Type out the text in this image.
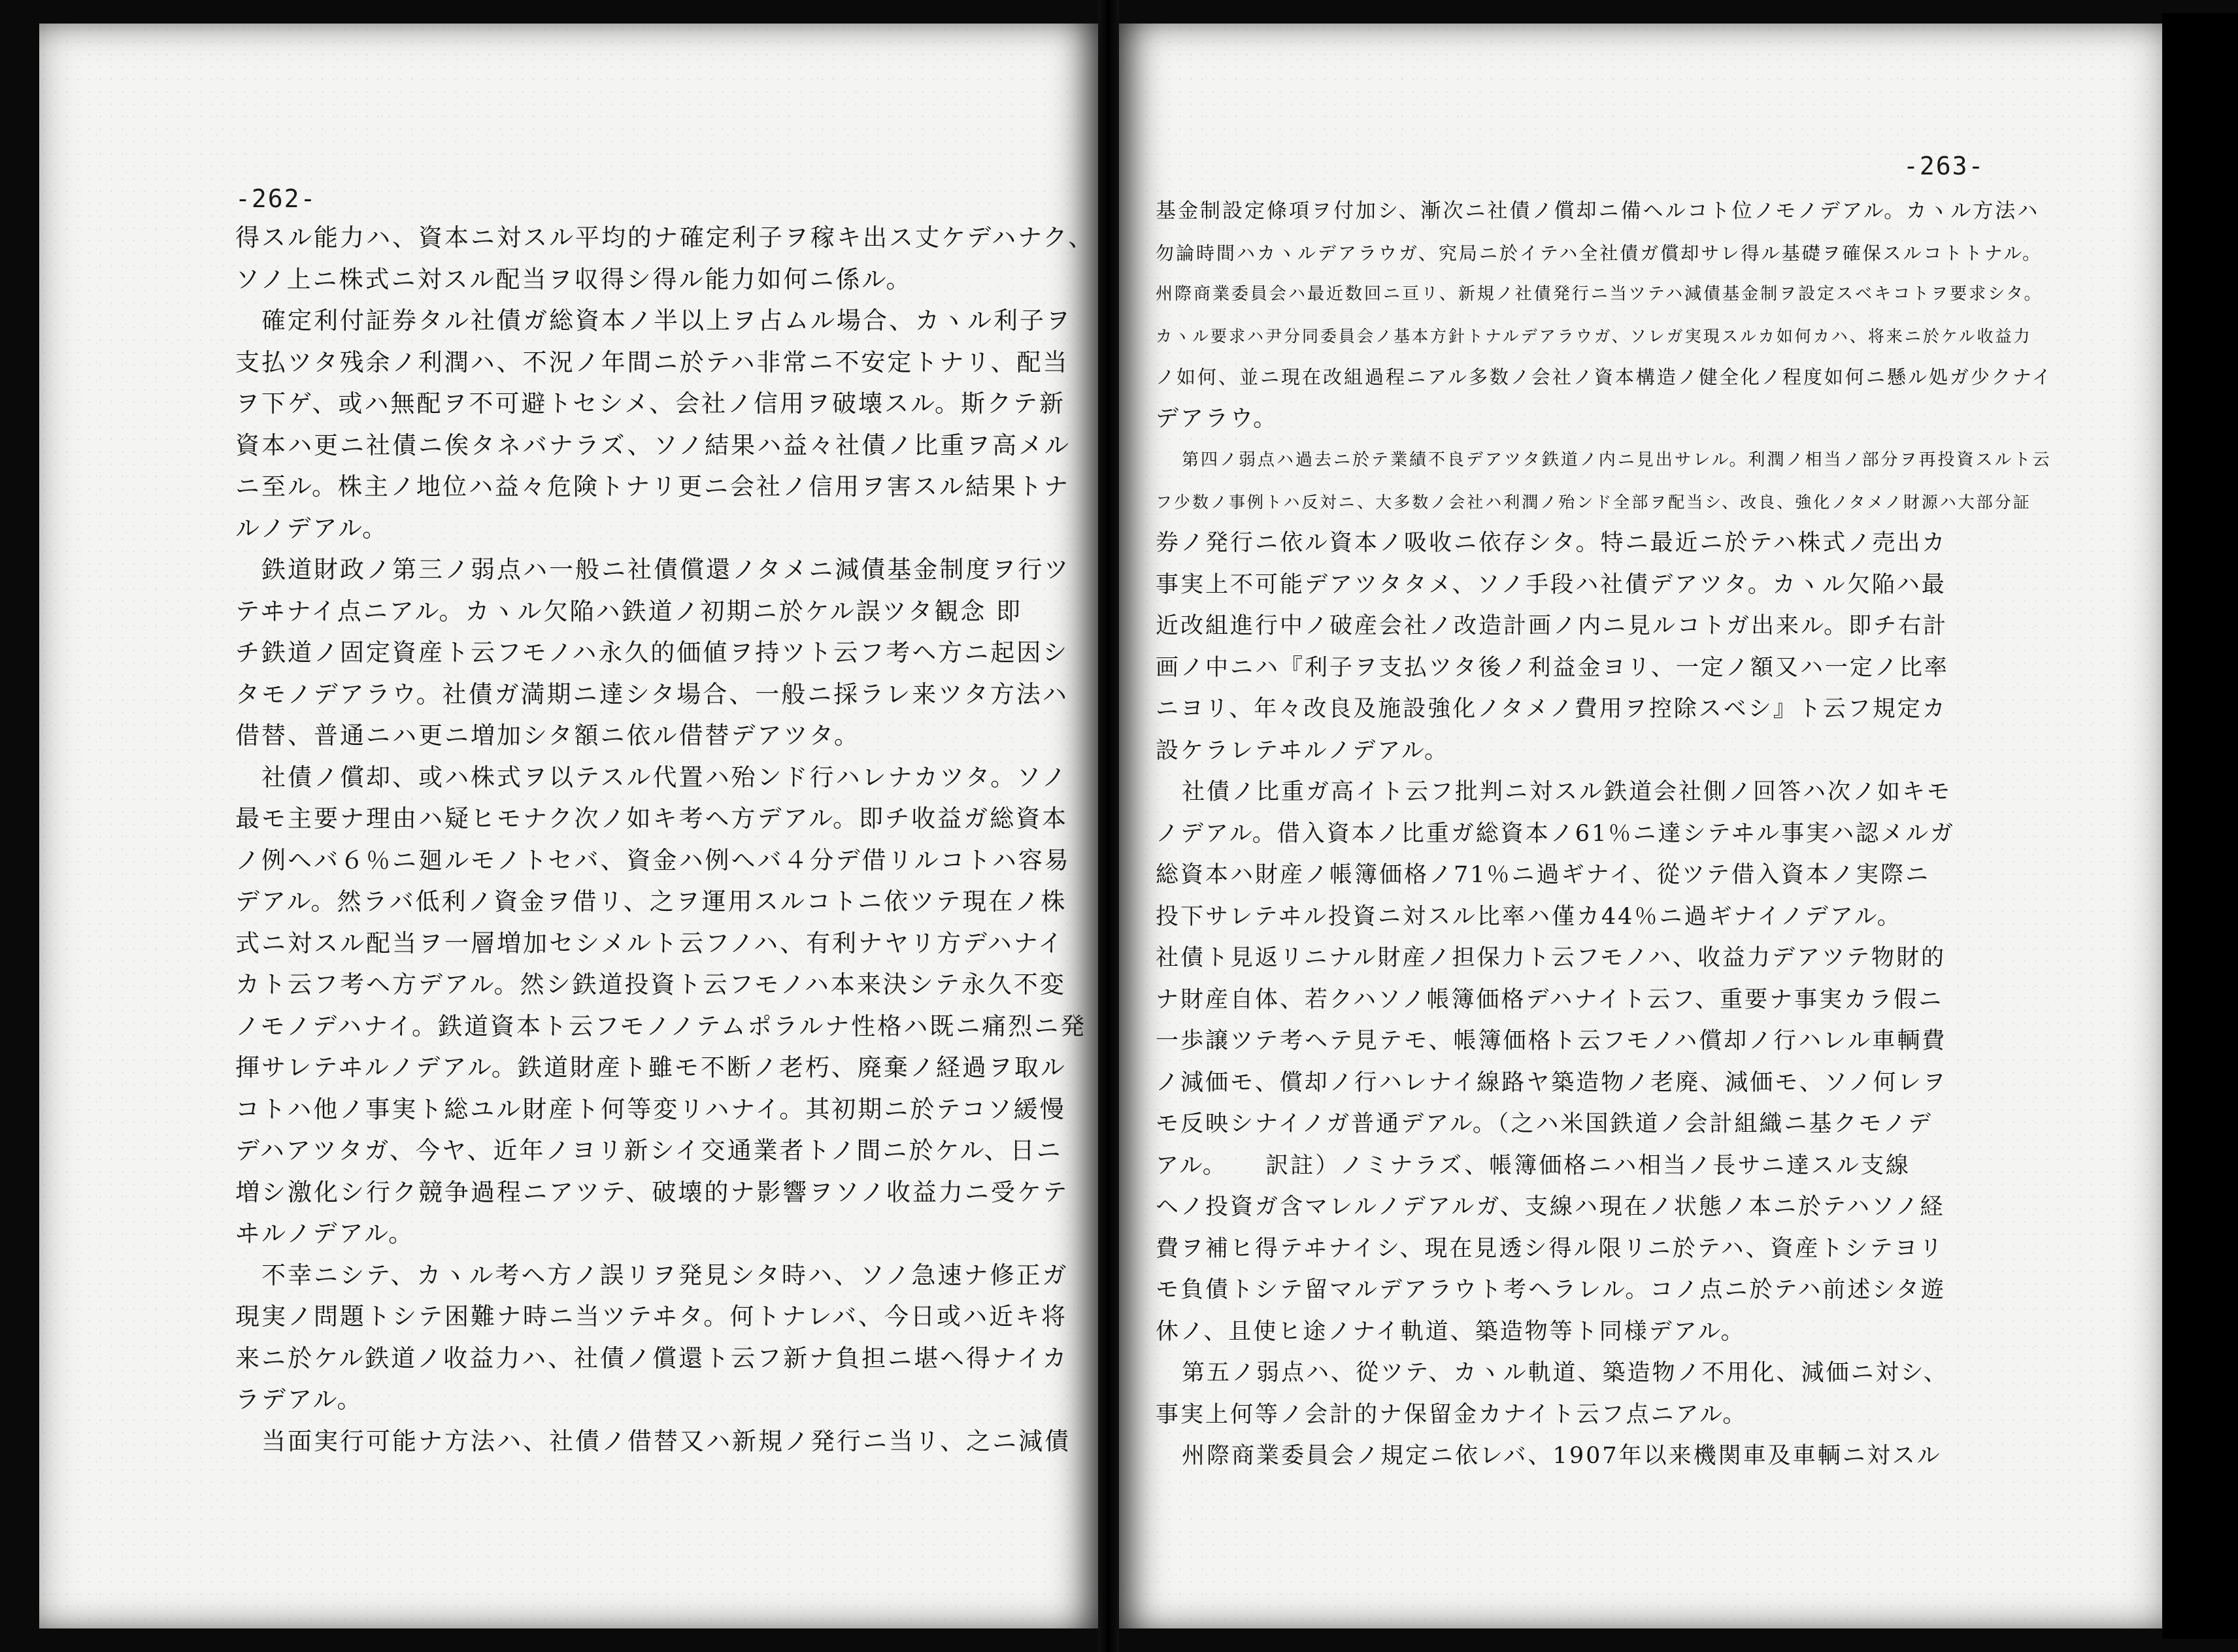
-262-
得スル能力ハ、資本ニ対スル平均的ナ確定利子ヲ稼キ出ス丈ケデハナク、
ソノ上ニ株式ニ対スル配当ヲ収得シ得ル能力如何ニ係ル。
確定利付証券タル社債ガ総資本ノ半以上ヲ占ムル場合、カヽル利子ヲ
支払ツタ残余ノ利潤ハ、不況ノ年間ニ於テハ非常ニ不安定トナリ、配当
ヲ下ゲ、或ハ無配ヲ不可避トセシメ、会社ノ信用ヲ破壊スル。斯クテ新
資本ハ更ニ社債ニ俟タネバナラズ、ソノ結果ハ益々社債ノ比重ヲ高メル
ニ至ル。株主ノ地位ハ益々危険トナリ更ニ会社ノ信用ヲ害スル結果トナ
ルノデアル。
鉄道財政ノ第三ノ弱点ハ一般ニ社債償還ノタメニ減債基金制度ヲ行ツ
テヰナイ点ニアル。カヽル欠陥ハ鉄道ノ初期ニ於ケル誤ツタ観念 即
チ鉄道ノ固定資産ト云フモノハ永久的価値ヲ持ツト云フ考ヘ方ニ起因シ
タモノデアラウ。社債ガ満期ニ達シタ場合、一般ニ採ラレ来ツタ方法ハ
借替、普通ニハ更ニ増加シタ額ニ依ル借替デアツタ。
社債ノ償却、或ハ株式ヲ以テスル代置ハ殆ンド行ハレナカツタ。ソノ
最モ主要ナ理由ハ疑ヒモナク次ノ如キ考ヘ方デアル。即チ收益ガ総資本
ノ例ヘバ６％ニ廻ルモノトセバ、資金ハ例ヘバ４分デ借リルコトハ容易
デアル。然ラバ低利ノ資金ヲ借リ、之ヲ運用スルコトニ依ツテ現在ノ株
式ニ対スル配当ヲ一層増加セシメルト云フノハ、有利ナヤリ方デハナイ
カト云フ考ヘ方デアル。然シ鉄道投資ト云フモノハ本来決シテ永久不変
ノモノデハナイ。鉄道資本ト云フモノノテムポラルナ性格ハ既ニ痛烈ニ発
揮サレテヰルノデアル。鉄道財産ト雖モ不断ノ老朽、廃棄ノ経過ヲ取ル
コトハ他ノ事実ト総ユル財産ト何等変リハナイ。其初期ニ於テコソ緩慢
デハアツタガ、今ヤ、近年ノヨリ新シイ交通業者トノ間ニ於ケル、日ニ
増シ激化シ行ク競争過程ニアツテ、破壊的ナ影響ヲソノ收益力ニ受ケテ
ヰルノデアル。
不幸ニシテ、カヽル考ヘ方ノ誤リヲ発見シタ時ハ、ソノ急速ナ修正ガ
現実ノ問題トシテ困難ナ時ニ当ツテヰタ。何トナレバ、今日或ハ近キ将
来ニ於ケル鉄道ノ收益力ハ、社債ノ償還ト云フ新ナ負担ニ堪ヘ得ナイカ
ラデアル。
当面実行可能ナ方法ハ、社債ノ借替又ハ新規ノ発行ニ当リ、之ニ減債
-263-
基金制設定條項ヲ付加シ、漸次ニ社債ノ償却ニ備ヘルコト位ノモノデアル。カヽル方法ハ
勿論時間ハカヽルデアラウガ、究局ニ於イテハ全社債ガ償却サレ得ル基礎ヲ確保スルコトトナル。
州際商業委員会ハ最近数回ニ亘リ、新規ノ社債発行ニ当ツテハ減債基金制ヲ設定スベキコトヲ要求シタ。
カヽル要求ハ尹分同委員会ノ基本方針トナルデアラウガ、ソレガ実現スルカ如何カハ、将来ニ於ケル收益力
ノ如何、並ニ現在改組過程ニアル多数ノ会社ノ資本構造ノ健全化ノ程度如何ニ懸ル処ガ少クナイ
デアラウ。
第四ノ弱点ハ過去ニ於テ業績不良デアツタ鉄道ノ内ニ見出サレル。利潤ノ相当ノ部分ヲ再投資スルト云
フ少数ノ事例トハ反対ニ、大多数ノ会社ハ利潤ノ殆ンド全部ヲ配当シ、改良、強化ノタメノ財源ハ大部分証
券ノ発行ニ依ル資本ノ吸收ニ依存シタ。特ニ最近ニ於テハ株式ノ売出カ
事実上不可能デアツタタメ、ソノ手段ハ社債デアツタ。カヽル欠陥ハ最
近改組進行中ノ破産会社ノ改造計画ノ内ニ見ルコトガ出来ル。即チ右計
画ノ中ニハ『利子ヲ支払ツタ後ノ利益金ヨリ、一定ノ額又ハ一定ノ比率
ニヨリ、年々改良及施設強化ノタメノ費用ヲ控除スベシ』ト云フ規定カ
設ケラレテヰルノデアル。
社債ノ比重ガ高イト云フ批判ニ対スル鉄道会社側ノ回答ハ次ノ如キモ
ノデアル。借入資本ノ比重ガ総資本ノ61％ニ達シテヰル事実ハ認メルガ
総資本ハ財産ノ帳簿価格ノ71％ニ過ギナイ、從ツテ借入資本ノ実際ニ
投下サレテヰル投資ニ対スル比率ハ僅カ44％ニ過ギナイノデアル。
社債ト見返リニナル財産ノ担保力ト云フモノハ、收益力デアツテ物財的
ナ財産自体、若クハソノ帳簿価格デハナイト云フ、重要ナ事実カラ假ニ
一歩譲ツテ考ヘテ見テモ、帳簿価格ト云フモノハ償却ノ行ハレル車輌費
ノ減価モ、償却ノ行ハレナイ線路ヤ築造物ノ老廃、減価モ、ソノ何レヲ
モ反映シナイノガ普通デアル。（之ハ米国鉄道ノ会計組織ニ基クモノデ
アル。　　訳註）ノミナラズ、帳簿価格ニハ相当ノ長サニ達スル支線
ヘノ投資ガ含マレルノデアルガ、支線ハ現在ノ状態ノ本ニ於テハソノ経
費ヲ補ヒ得テヰナイシ、現在見透シ得ル限リニ於テハ、資産トシテヨリ
モ負債トシテ留マルデアラウト考ヘラレル。コノ点ニ於テハ前述シタ遊
休ノ、且使ヒ途ノナイ軌道、築造物等ト同様デアル。
第五ノ弱点ハ、從ツテ、カヽル軌道、築造物ノ不用化、減価ニ対シ、
事実上何等ノ会計的ナ保留金カナイト云フ点ニアル。
州際商業委員会ノ規定ニ依レバ、1907年以来機関車及車輌ニ対スル
